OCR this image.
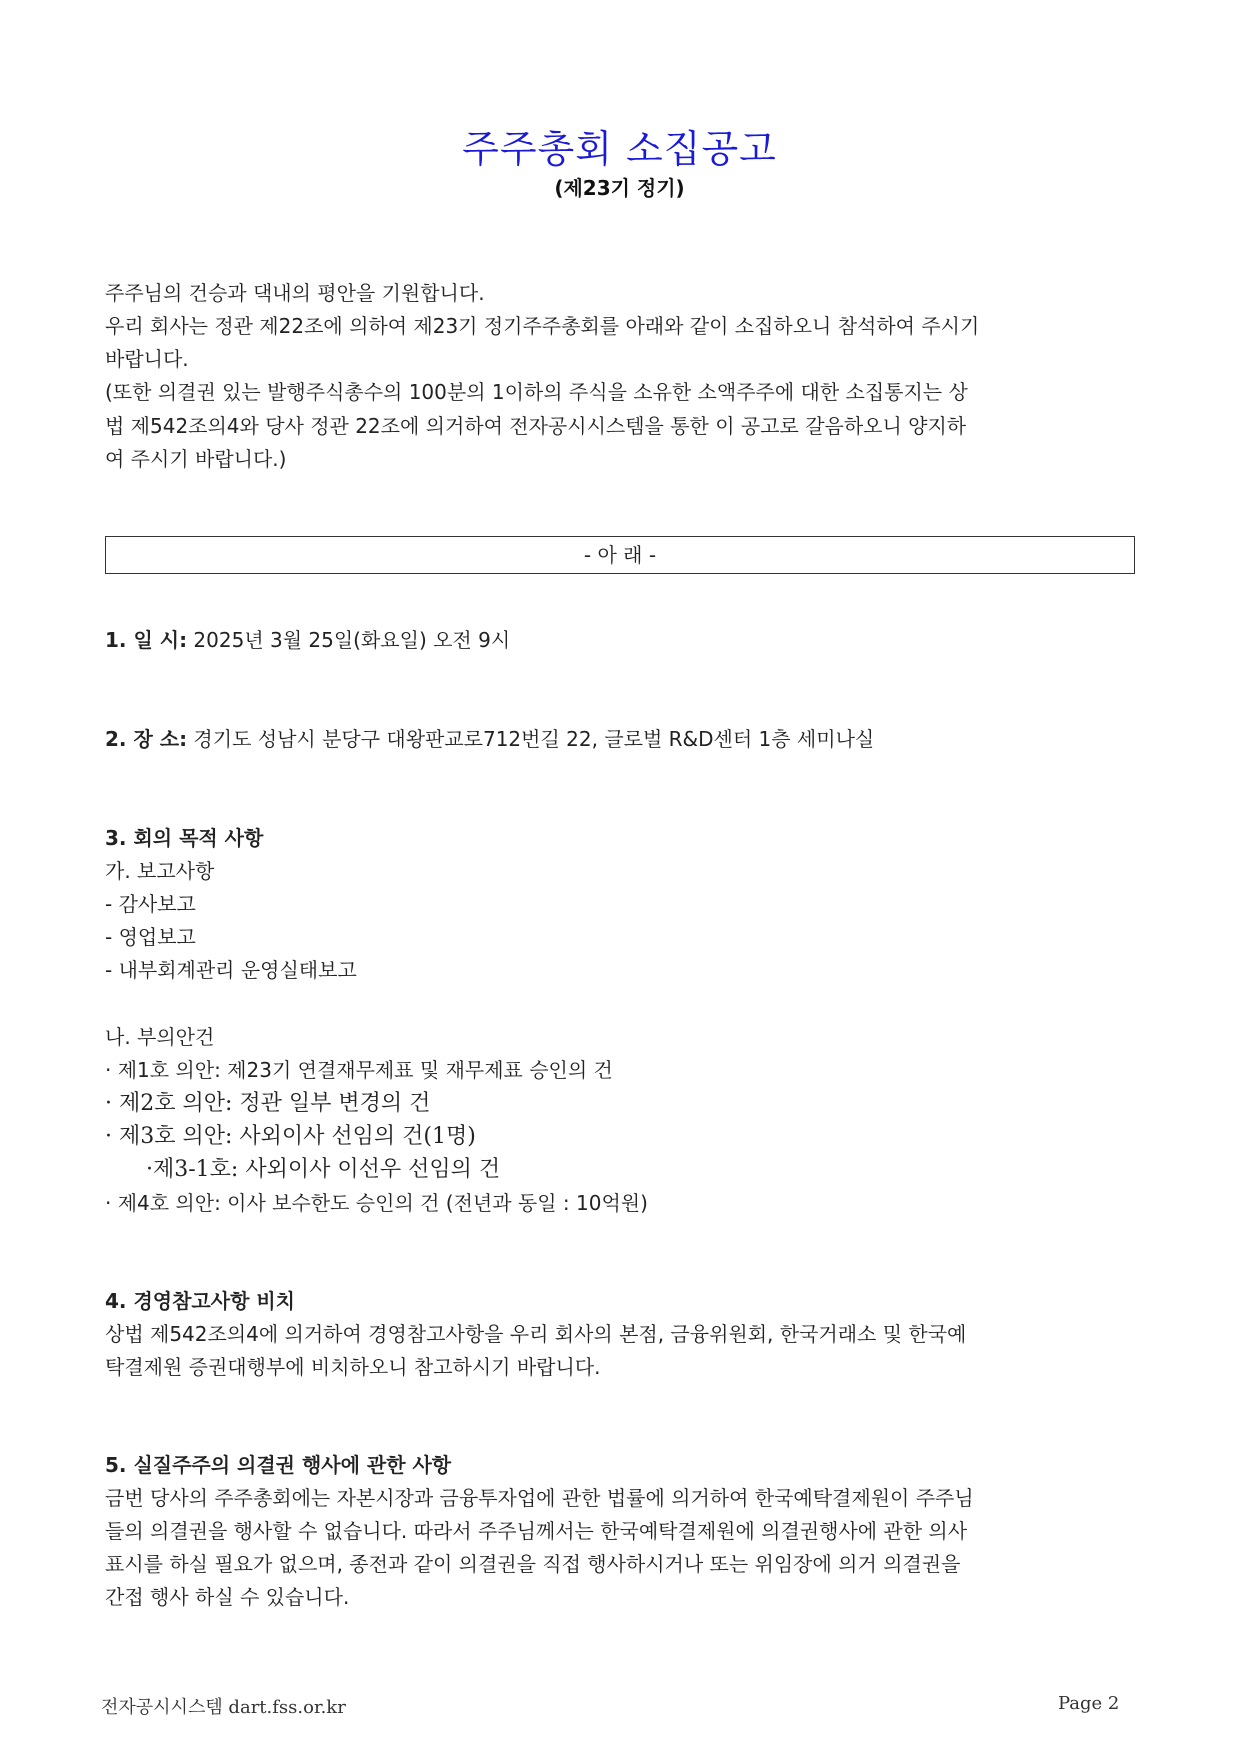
주주총회 소집공고
(제23기 정기)
주주님의 건승과 댁내의 평안을 기원합니다.
우리 회사는 정관 제22조에 의하여 제23기 정기주주총회를 아래와 같이 소집하오니 참석하여 주시기
바랍니다.
(또한 의결권 있는 발행주식총수의 100분의 1이하의 주식을 소유한 소액주주에 대한 소집통지는 상
법 제542조의4와 당사 정관 22조에 의거하여 전자공시시스템을 통한 이 공고로 갈음하오니 양지하
여 주시기 바랍니다.)
- 아 래 -
1. 일 시: 2025년 3월 25일(화요일) 오전 9시
2. 장 소: 경기도 성남시 분당구 대왕판교로712번길 22, 글로벌 R&D센터 1층 세미나실
3. 회의 목적 사항
가. 보고사항
- 감사보고
- 영업보고
- 내부회계관리 운영실태보고
나. 부의안건
· 제1호 의안: 제23기 연결재무제표 및 재무제표 승인의 건
· 제2호 의안: 정관 일부 변경의 건
· 제3호 의안: 사외이사 선임의 건(1명)
·제3-1호: 사외이사 이선우 선임의 건
· 제4호 의안: 이사 보수한도 승인의 건 (전년과 동일 : 10억원)
4. 경영참고사항 비치
상법 제542조의4에 의거하여 경영참고사항을 우리 회사의 본점, 금융위원회, 한국거래소 및 한국예
탁결제원 증권대행부에 비치하오니 참고하시기 바랍니다.
5. 실질주주의 의결권 행사에 관한 사항
금번 당사의 주주총회에는 자본시장과 금융투자업에 관한 법률에 의거하여 한국예탁결제원이 주주님
들의 의결권을 행사할 수 없습니다. 따라서 주주님께서는 한국예탁결제원에 의결권행사에 관한 의사
표시를 하실 필요가 없으며, 종전과 같이 의결권을 직접 행사하시거나 또는 위임장에 의거 의결권을
간접 행사 하실 수 있습니다.
전자공시시스템 dart.fss.or.kr	Page 2
